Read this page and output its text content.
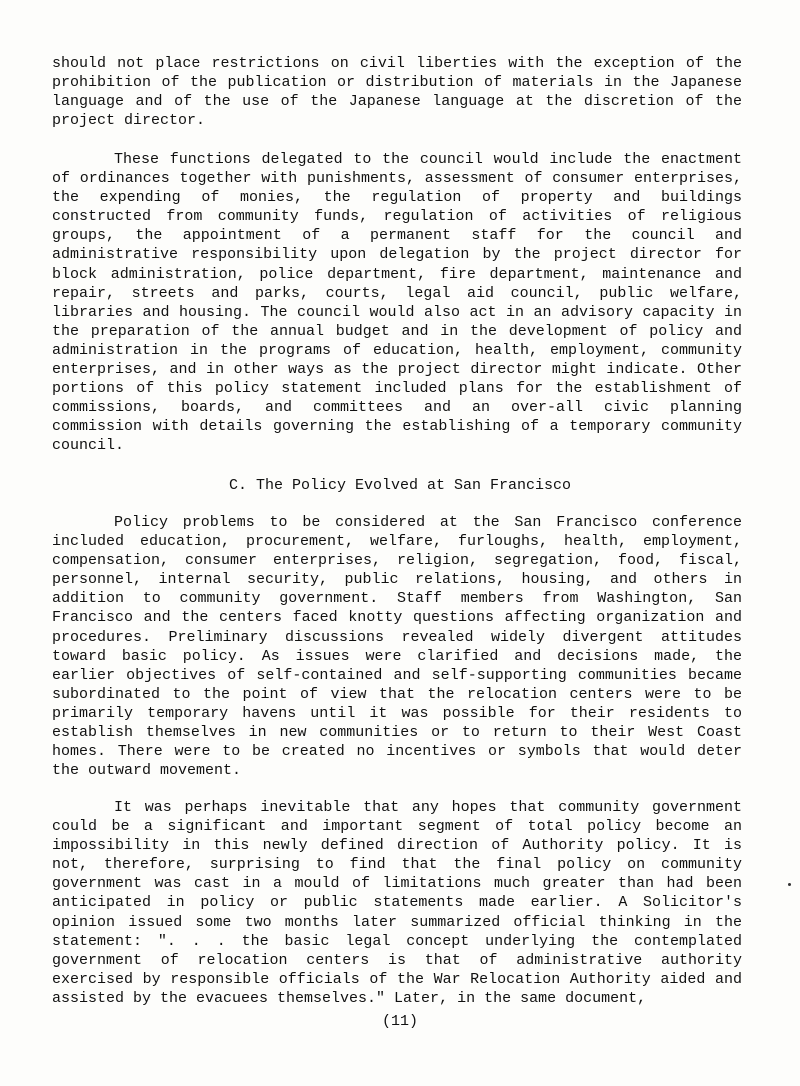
should not place restrictions on civil liberties with the exception of the prohibition of the publication or distribution of materials in the Japanese language and of the use of the Japanese language at the discretion of the project director.

These functions delegated to the council would include the enactment of ordinances together with punishments, assessment of consumer enterprises, the expending of monies, the regulation of property and buildings constructed from community funds, regulation of activities of religious groups, the appointment of a permanent staff for the council and administrative responsibility upon delegation by the project director for block administration, police department, fire department, maintenance and repair, streets and parks, courts, legal aid council, public welfare, libraries and housing. The council would also act in an advisory capacity in the preparation of the annual budget and in the development of policy and administration in the programs of education, health, employment, community enterprises, and in other ways as the project director might indicate. Other portions of this policy statement included plans for the establishment of commissions, boards, and committees and an over-all civic planning commission with details governing the establishing of a temporary community council.

C. The Policy Evolved at San Francisco

Policy problems to be considered at the San Francisco conference included education, procurement, welfare, furloughs, health, employment, compensation, consumer enterprises, religion, segregation, food, fiscal, personnel, internal security, public relations, housing, and others in addition to community government. Staff members from Washington, San Francisco and the centers faced knotty questions affecting organization and procedures. Preliminary discussions revealed widely divergent attitudes toward basic policy. As issues were clarified and decisions made, the earlier objectives of self-contained and self-supporting communities became subordinated to the point of view that the relocation centers were to be primarily temporary havens until it was possible for their residents to establish themselves in new communities or to return to their West Coast homes. There were to be created no incentives or symbols that would deter the outward movement.

It was perhaps inevitable that any hopes that community government could be a significant and important segment of total policy become an impossibility in this newly defined direction of Authority policy. It is not, therefore, surprising to find that the final policy on community government was cast in a mould of limitations much greater than had been anticipated in policy or public statements made earlier. A Solicitor's opinion issued some two months later summarized official thinking in the statement: ". . . the basic legal concept underlying the contemplated government of relocation centers is that of administrative authority exercised by responsible officials of the War Relocation Authority aided and assisted by the evacuees themselves." Later, in the same document,

(11)
